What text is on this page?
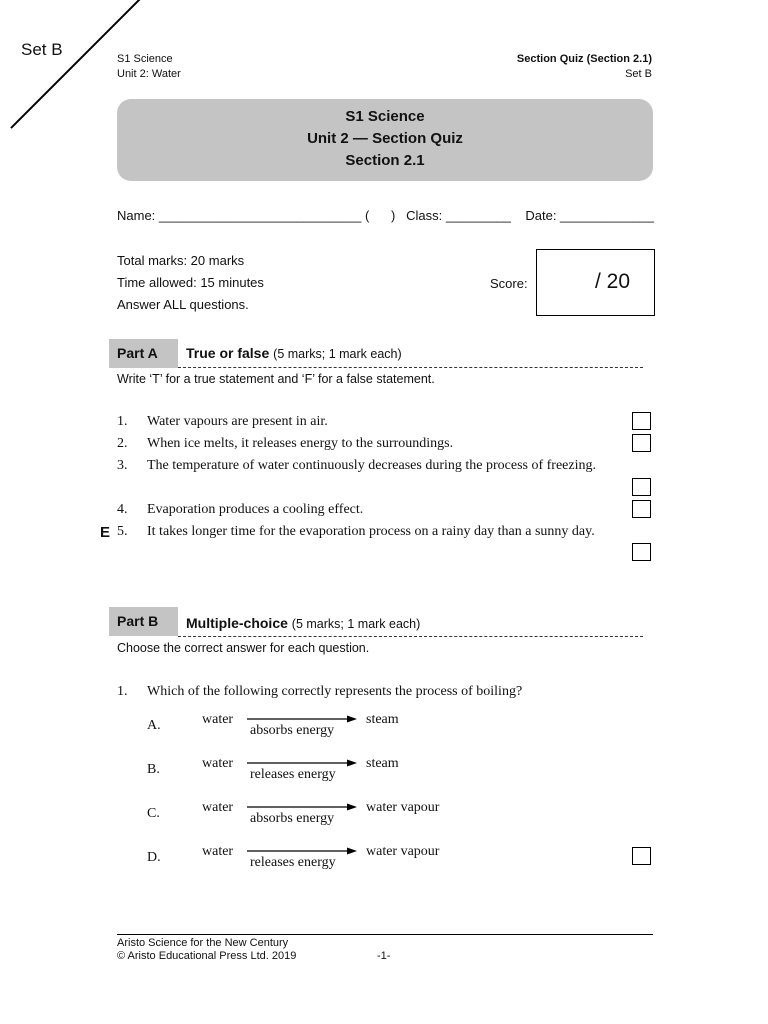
Set B	S1 Science
Unit 2: Water
Section Quiz (Section 2.1)
Set B
S1 Science
Unit 2 — Section Quiz
Section 2.1
Name: ____________________________ (      )   Class: _________    Date: _____________
Total marks: 20 marks
Time allowed: 15 minutes
Answer ALL questions.
Score:	/ 20
Part A	True or false (5 marks; 1 mark each)
Write ‘T’ for a true statement and ‘F’ for a false statement.
1. Water vapours are present in air.
2. When ice melts, it releases energy to the surroundings.
3. The temperature of water continuously decreases during the process of freezing.
4. Evaporation produces a cooling effect.
E 5. It takes longer time for the evaporation process on a rainy day than a sunny day.
Part B	Multiple-choice (5 marks; 1 mark each)
Choose the correct answer for each question.
1. Which of the following correctly represents the process of boiling?
A.	water
absorbs energy
steam
B.	water
releases energy
steam
C.	water
absorbs energy
water vapour
D.	water
releases energy
water vapour
Aristo Science for the New Century
© Aristo Educational Press Ltd. 2019	-1-
